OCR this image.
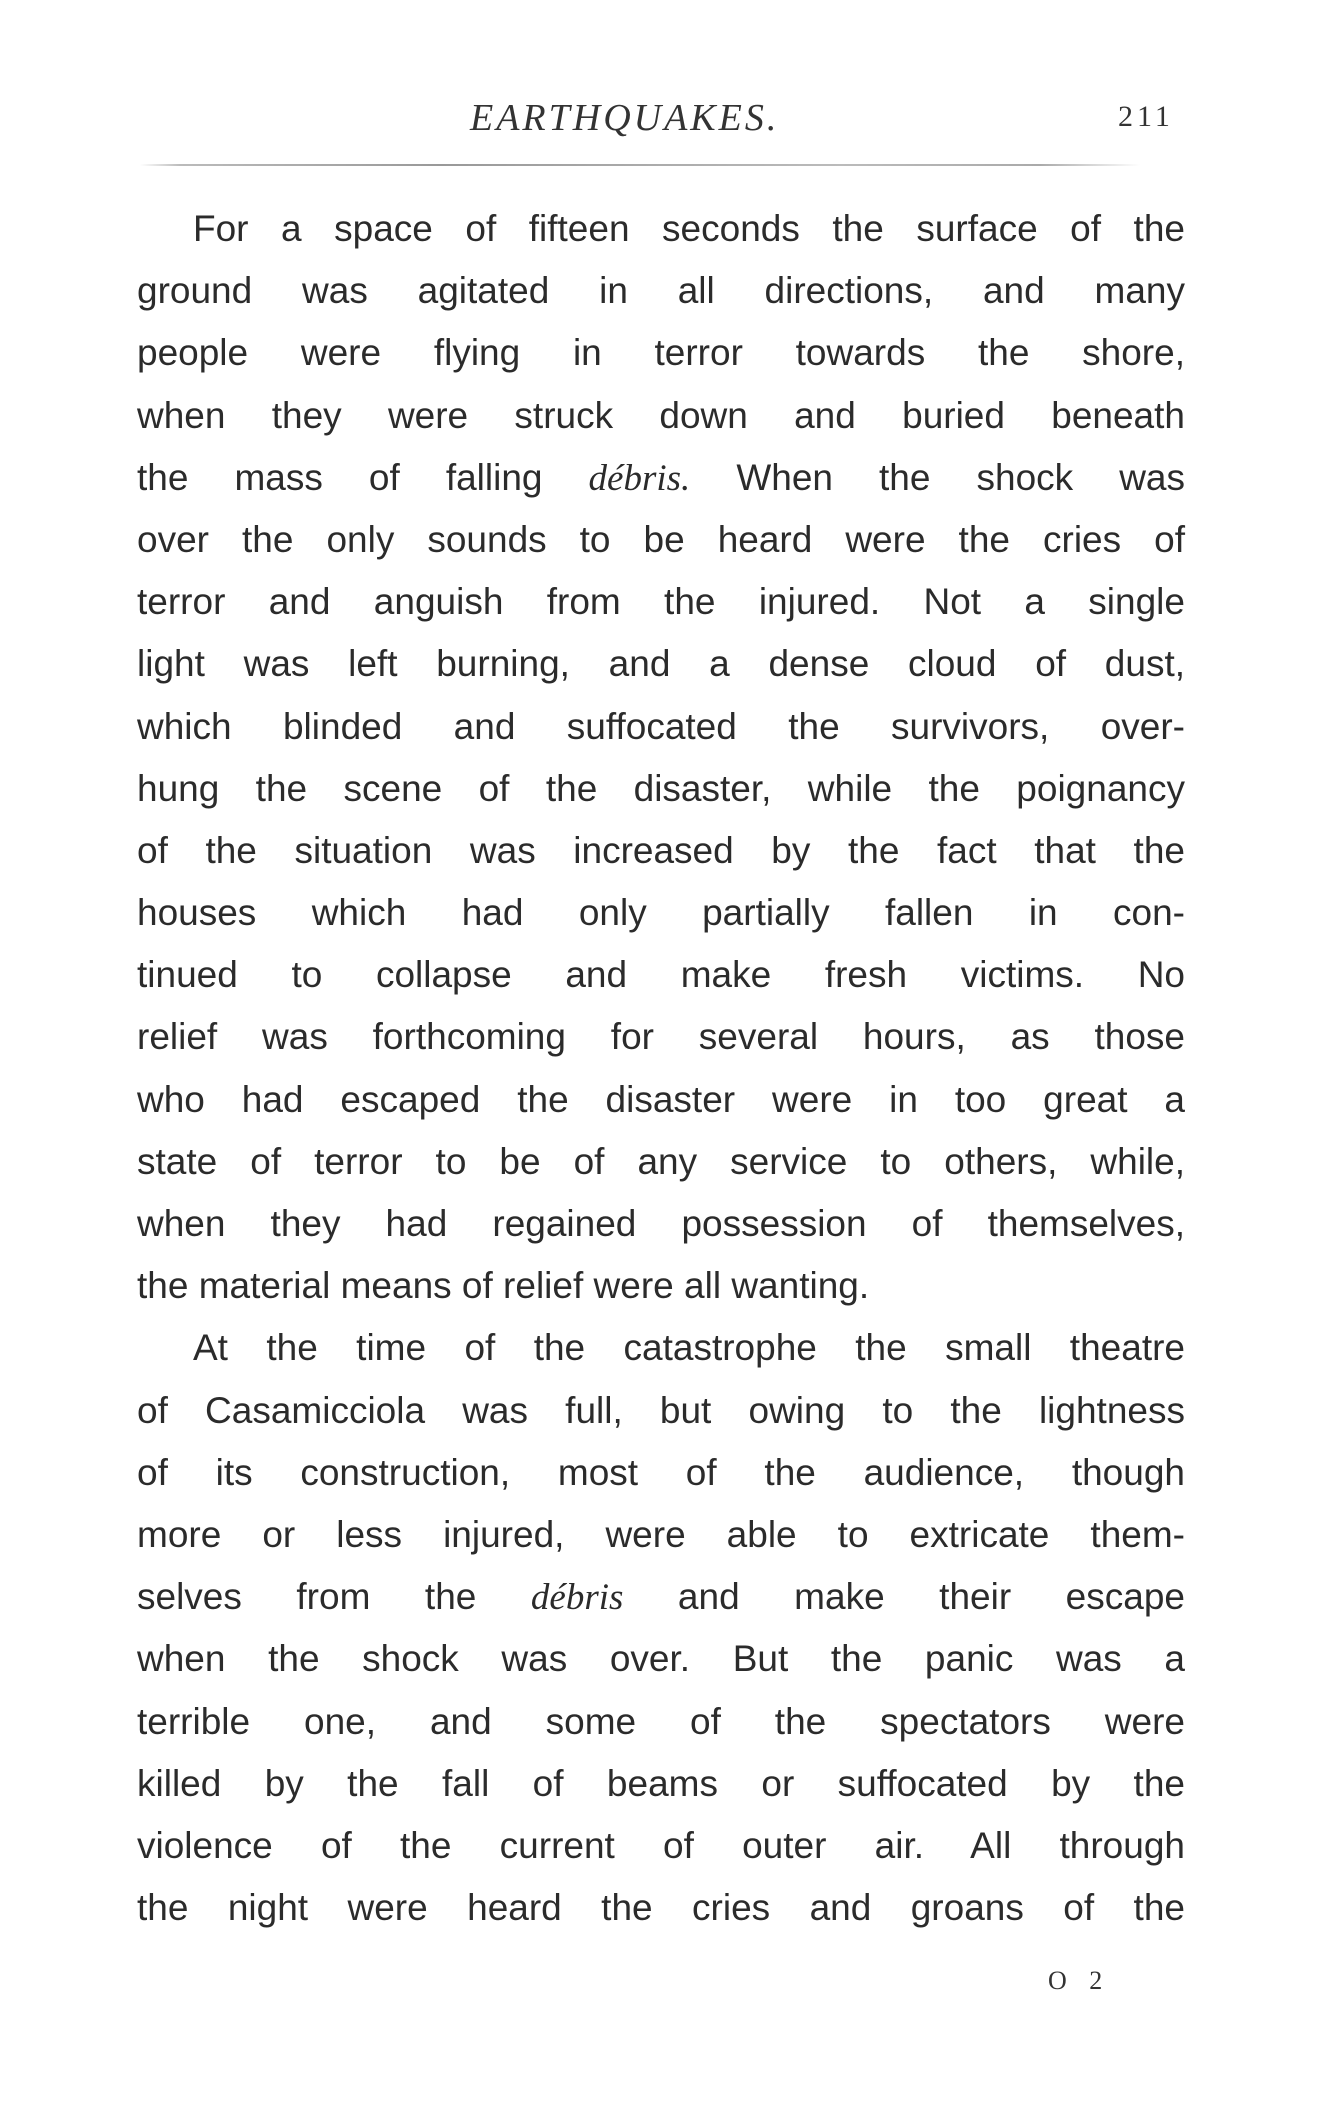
EARTHQUAKES.	211
For a space of fifteen seconds the surface of the
ground was agitated in all directions, and many
people were flying in terror towards the shore,
when they were struck down and buried beneath
the mass of falling débris. When the shock was
over the only sounds to be heard were the cries of
terror and anguish from the injured. Not a single
light was left burning, and a dense cloud of dust,
which blinded and suffocated the survivors, over-
hung the scene of the disaster, while the poignancy
of the situation was increased by the fact that the
houses which had only partially fallen in con-
tinued to collapse and make fresh victims. No
relief was forthcoming for several hours, as those
who had escaped the disaster were in too great a
state of terror to be of any service to others, while,
when they had regained possession of themselves,
the material means of relief were all wanting.
At the time of the catastrophe the small theatre
of Casamicciola was full, but owing to the lightness
of its construction, most of the audience, though
more or less injured, were able to extricate them-
selves from the débris and make their escape
when the shock was over. But the panic was a
terrible one, and some of the spectators were
killed by the fall of beams or suffocated by the
violence of the current of outer air. All through
the night were heard the cries and groans of the
O 2
